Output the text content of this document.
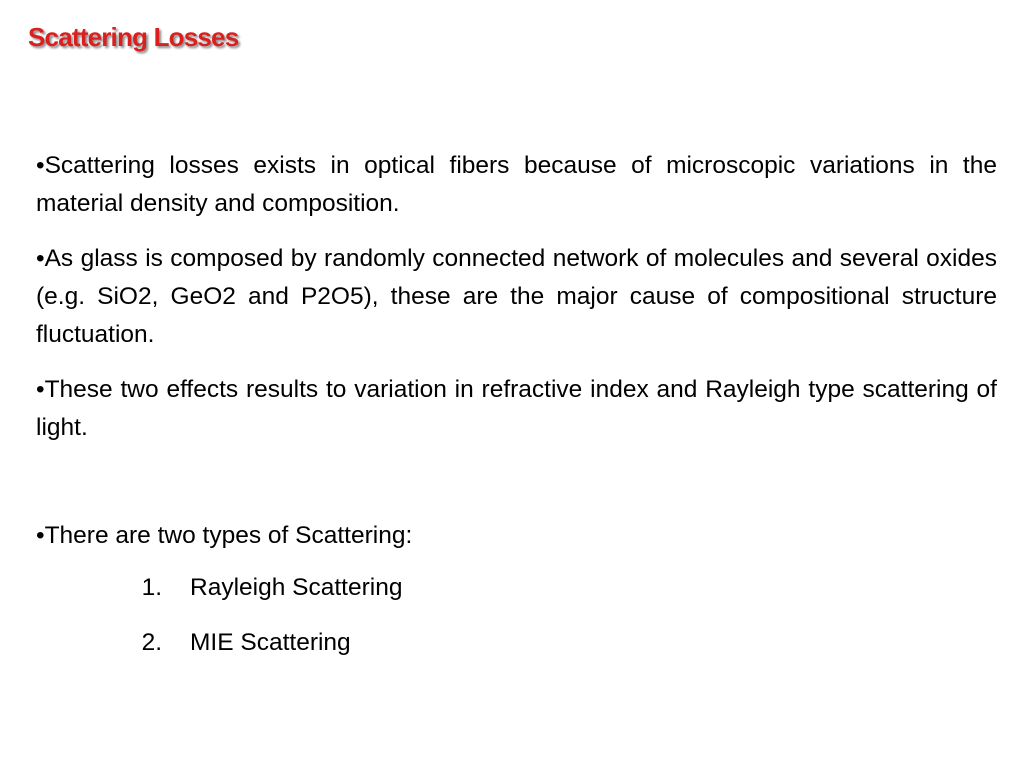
Scattering Losses

•Scattering losses exists in optical fibers because of microscopic variations in the material density and composition.

•As glass is composed by randomly connected network of molecules and several oxides (e.g. SiO2, GeO2 and P2O5), these are the major cause of compositional structure fluctuation.

•These two effects results to variation in refractive index and Rayleigh type scattering of light.

•There are two types of Scattering:

1.	Rayleigh Scattering
2.	MIE Scattering
